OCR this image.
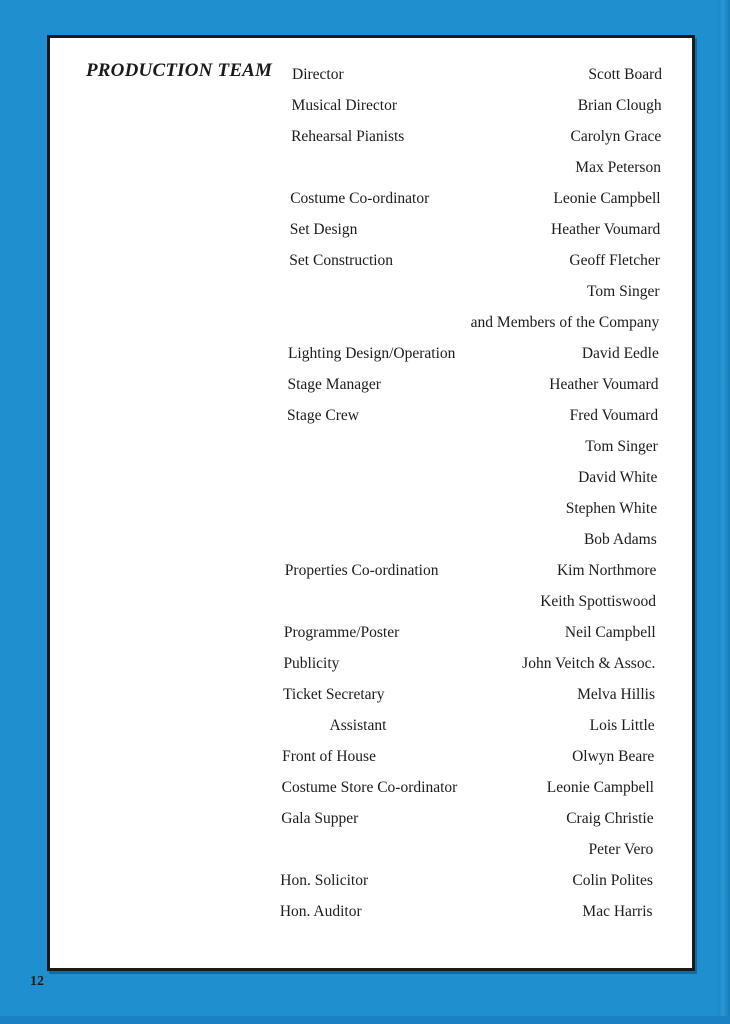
PRODUCTION TEAM Director	Scott Board
Musical Director	Brian Clough
Rehearsal Pianists	Carolyn Grace
Max Peterson
Costume Co-ordinator	Leonie Campbell
Set Design	Heather Voumard
Set Construction	Geoff Fletcher
Tom Singer
and Members of the Company
Lighting Design/Operation	David Eedle
Stage Manager	Heather Voumard
Stage Crew	Fred Voumard
Tom Singer
David White
Stephen White
Bob Adams
Properties Co-ordination	Kim Northmore
Keith Spottiswood
Programme/Poster	Neil Campbell
Publicity	John Veitch & Assoc.
Ticket Secretary	Melva Hillis
Assistant	Lois Little
Front of House	Olwyn Beare
Costume Store Co-ordinator	Leonie Campbell
Gala Supper	Craig Christie
Peter Vero
Hon. Solicitor	Colin Polites
Hon. Auditor	Mac Harris
12
